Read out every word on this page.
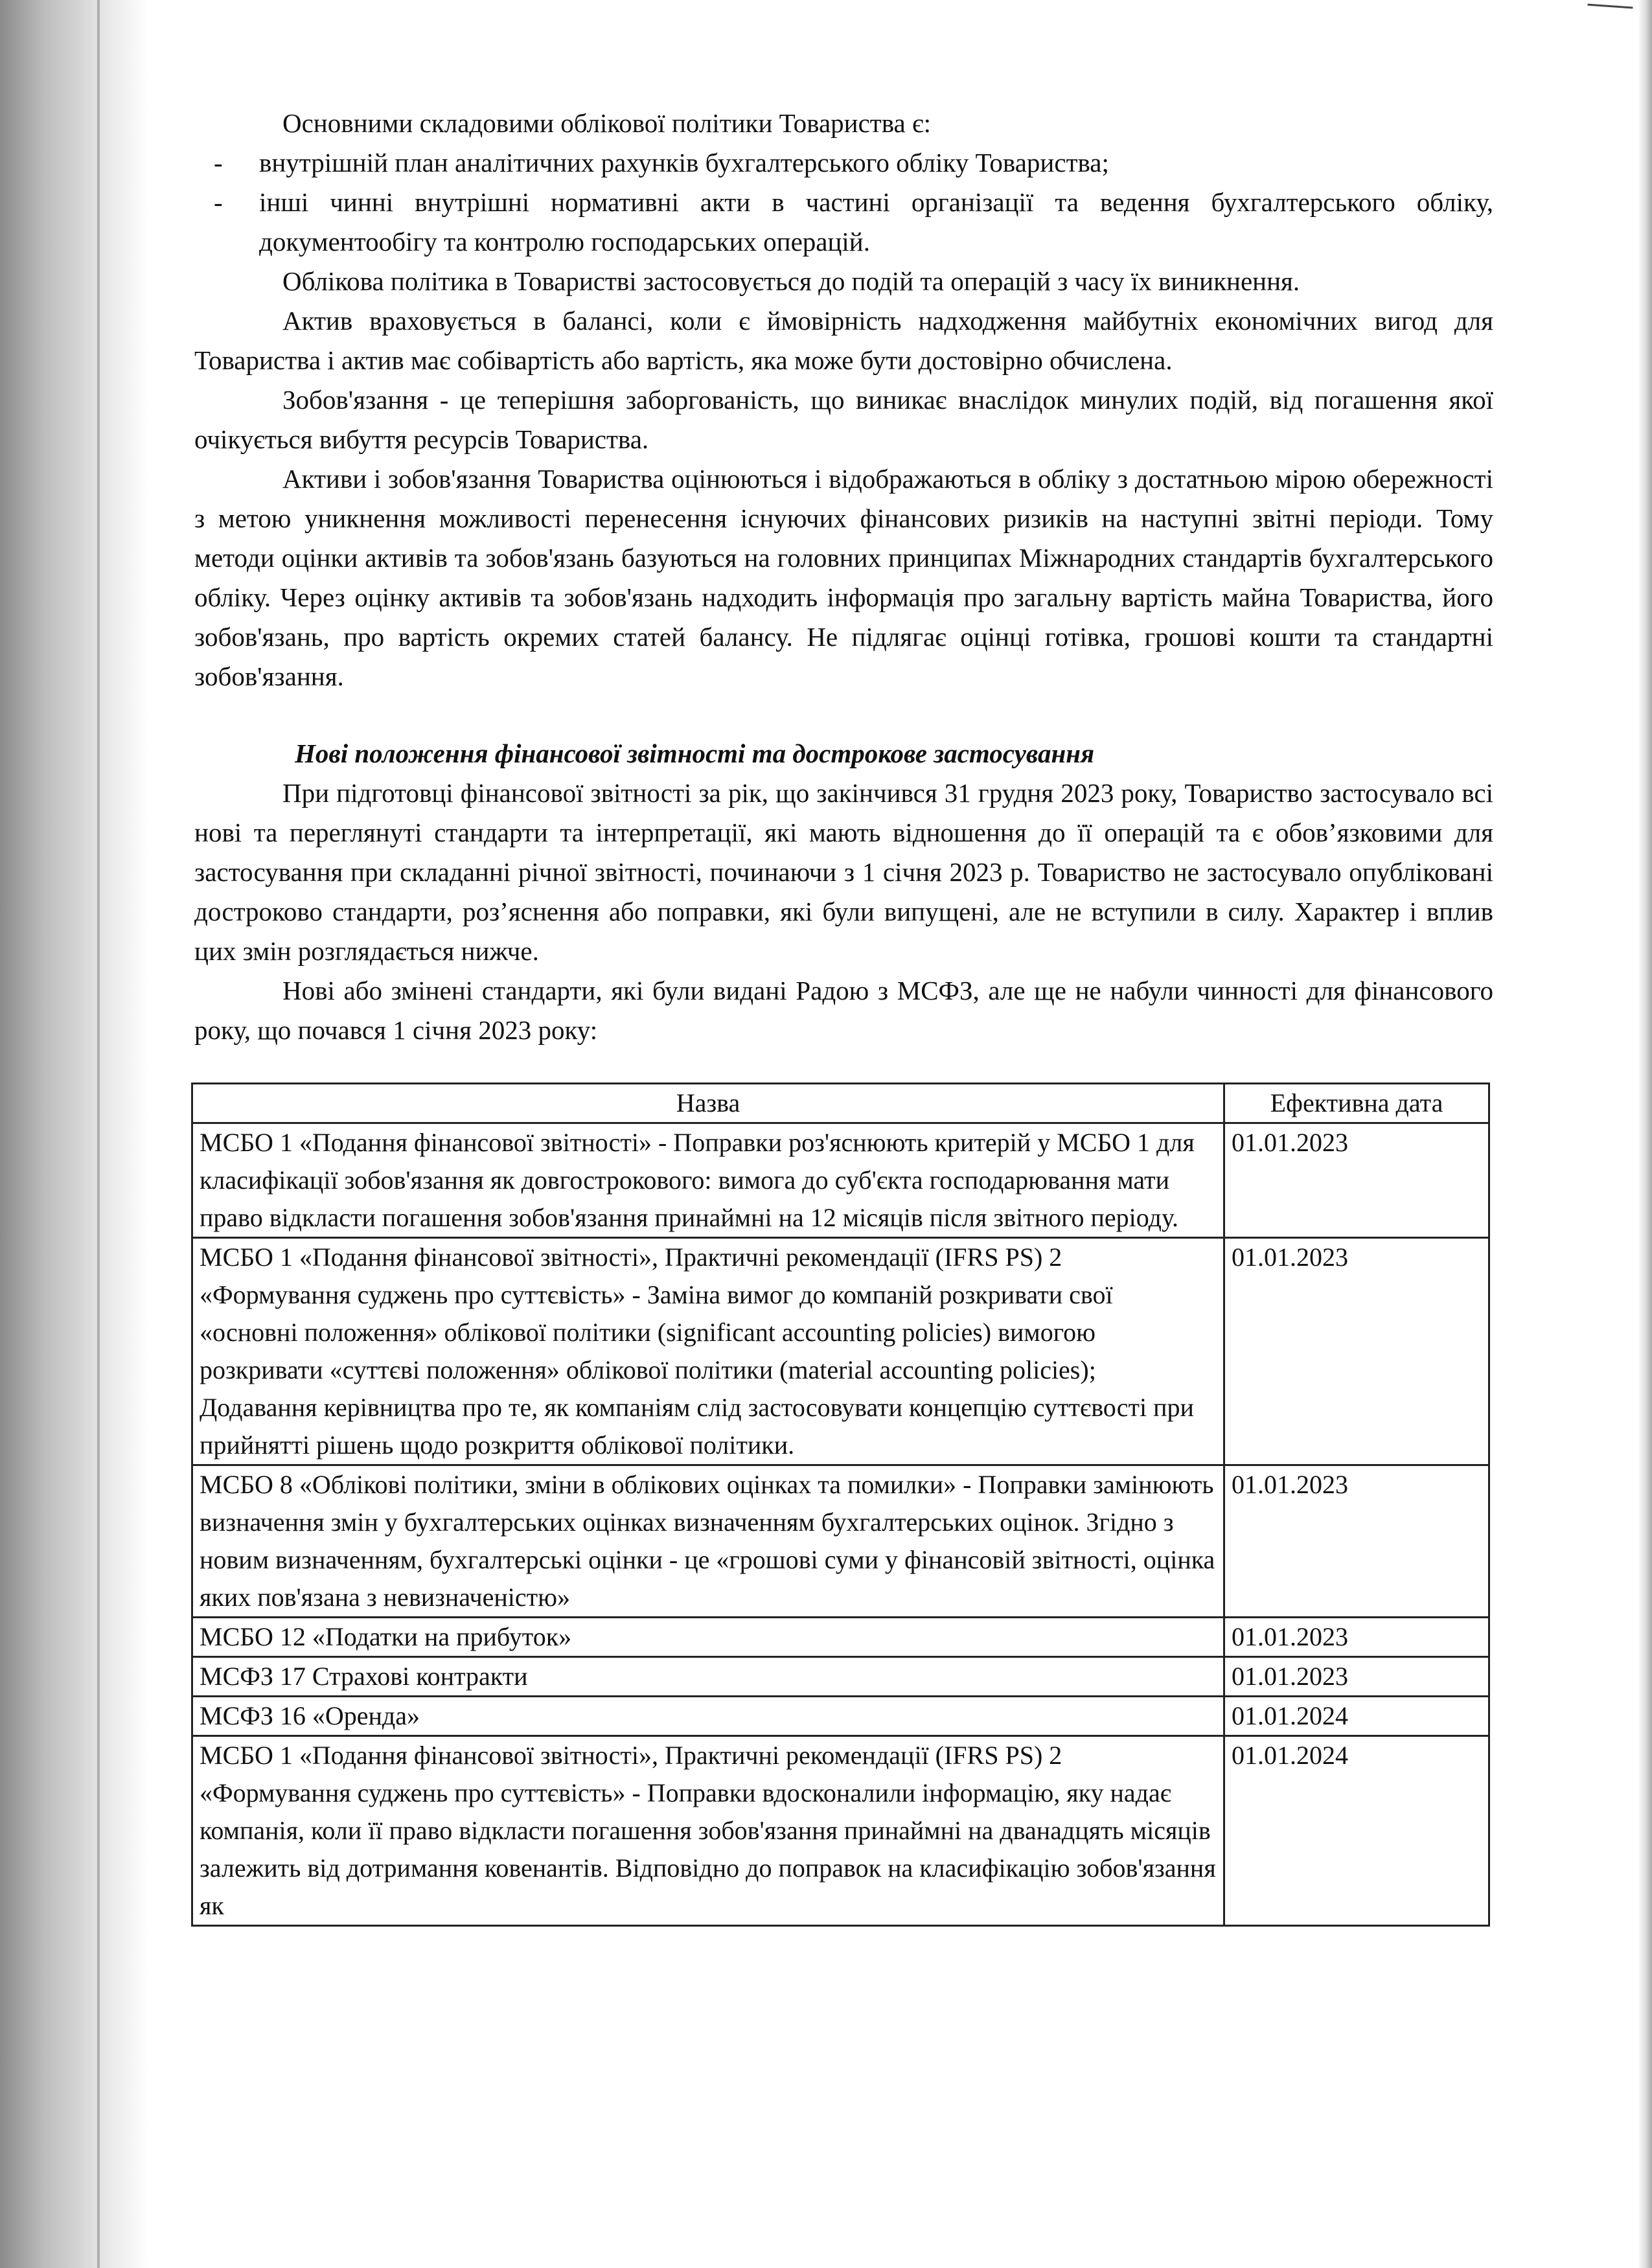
Основними складовими облікової політики Товариства є:

-	внутрішній план аналітичних рахунків бухгалтерського обліку Товариства;
-	інші чинні внутрішні нормативні акти в частині організації та ведення бухгалтерського обліку, документообігу та контролю господарських операцій.

Облікова політика в Товаристві застосовується до подій та операцій з часу їх виникнення.

Актив враховується в балансі, коли є ймовірність надходження майбутніх економічних вигод для Товариства і актив має собівартість або вартість, яка може бути достовірно обчислена.

Зобов'язання - це теперішня заборгованість, що виникає внаслідок минулих подій, від погашення якої очікується вибуття ресурсів Товариства.

Активи і зобов'язання Товариства оцінюються і відображаються в обліку з достатньою мірою обережності з метою уникнення можливості перенесення існуючих фінансових ризиків на наступні звітні періоди. Тому методи оцінки активів та зобов'язань базуються на головних принципах Міжнародних стандартів бухгалтерського обліку. Через оцінку активів та зобов'язань надходить інформація про загальну вартість майна Товариства, його зобов'язань, про вартість окремих статей балансу. Не підлягає оцінці готівка, грошові кошти та стандартні зобов'язання.

Нові положення фінансової звітності та дострокове застосування

При підготовці фінансової звітності за рік, що закінчився 31 грудня 2023 року, Товариство застосувало всі нові та переглянуті стандарти та інтерпретації, які мають відношення до її операцій та є обов’язковими для застосування при складанні річної звітності, починаючи з 1 січня 2023 р. Товариство не застосувало опубліковані достроково стандарти, роз’яснення або поправки, які були випущені, але не вступили в силу. Характер і вплив цих змін розглядається нижче.

Нові або змінені стандарти, які були видані Радою з МСФЗ, але ще не набули чинності для фінансового року, що почався 1 січня 2023 року:

Назва	Ефективна дата
МСБО 1 «Подання фінансової звітності» - Поправки роз'яснюють критерій у МСБО 1 для класифікації зобов'язання як довгострокового: вимога до суб'єкта господарювання мати право відкласти погашення зобов'язання принаймні на 12 місяців після звітного періоду.	01.01.2023
МСБО 1 «Подання фінансової звітності», Практичні рекомендації (IFRS PS) 2 «Формування суджень про суттєвість» - Заміна вимог до компаній розкривати свої «основні положення» облікової політики (significant accounting policies) вимогою розкривати «суттєві положення» облікової політики (material accounting policies); Додавання керівництва про те, як компаніям слід застосовувати концепцію суттєвості при прийнятті рішень щодо розкриття облікової політики.	01.01.2023
МСБО 8 «Облікові політики, зміни в облікових оцінках та помилки» - Поправки замінюють визначення змін у бухгалтерських оцінках визначенням бухгалтерських оцінок. Згідно з новим визначенням, бухгалтерські оцінки - це «грошові суми у фінансовій звітності, оцінка яких пов'язана з невизначеністю»	01.01.2023
МСБО 12 «Податки на прибуток»	01.01.2023
МСФЗ 17 Страхові контракти	01.01.2023
МСФЗ 16 «Оренда»	01.01.2024
МСБО 1 «Подання фінансової звітності», Практичні рекомендації (IFRS PS) 2 «Формування суджень про суттєвість» - Поправки вдосконалили інформацію, яку надає компанія, коли її право відкласти погашення зобов'язання принаймні на дванадцять місяців залежить від дотримання ковенантів. Відповідно до поправок на класифікацію зобов'язання як	01.01.2024
